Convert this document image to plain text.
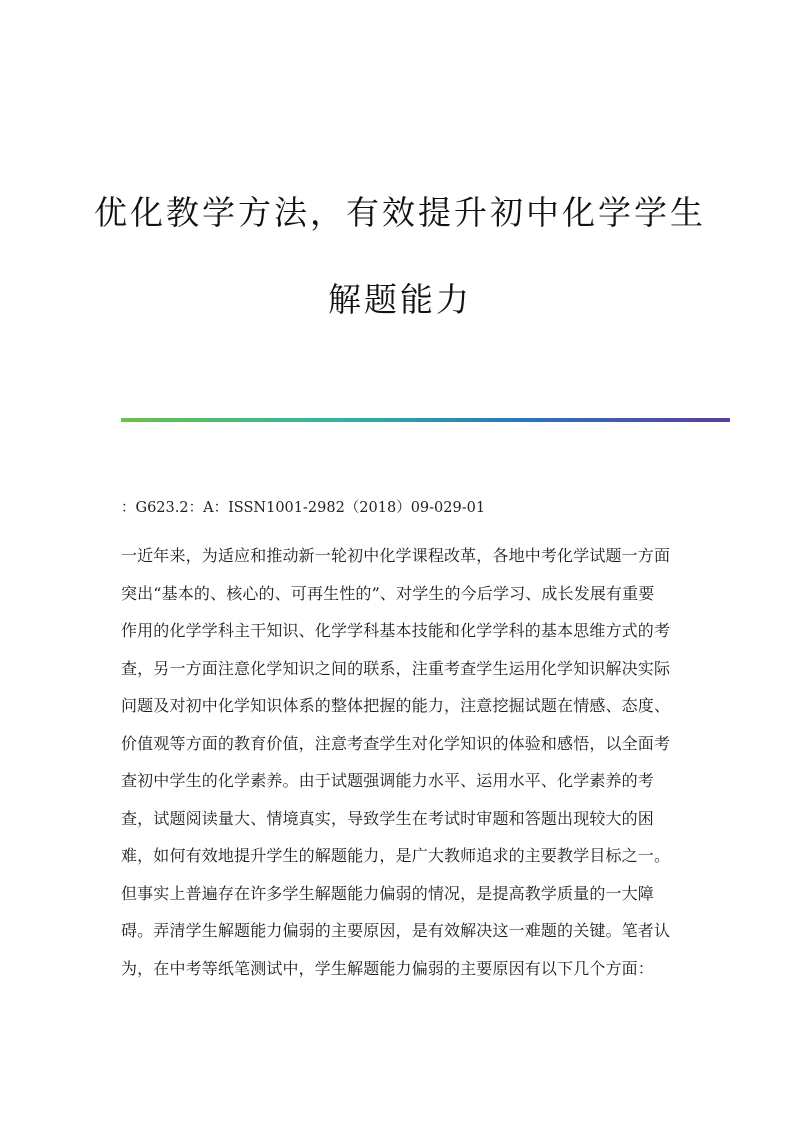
优化教学方法，有效提升初中化学学生
解题能力
：G623.2：A：ISSN1001-2982（2018）09-029-01
一近年来，为适应和推动新一轮初中化学课程改革，各地中考化学试题一方面
突出“基本的、核心的、可再生性的”、对学生的今后学习、成长发展有重要
作用的化学学科主干知识、化学学科基本技能和化学学科的基本思维方式的考
查，另一方面注意化学知识之间的联系，注重考查学生运用化学知识解决实际
问题及对初中化学知识体系的整体把握的能力，注意挖掘试题在情感、态度、
价值观等方面的教育价值，注意考查学生对化学知识的体验和感悟，以全面考
查初中学生的化学素养。由于试题强调能力水平、运用水平、化学素养的考
查，试题阅读量大、情境真实，导致学生在考试时审题和答题出现较大的困
难，如何有效地提升学生的解题能力，是广大教师追求的主要教学目标之一。
但事实上普遍存在许多学生解题能力偏弱的情况，是提高教学质量的一大障
碍。弄清学生解题能力偏弱的主要原因，是有效解决这一难题的关键。笔者认
为，在中考等纸笔测试中，学生解题能力偏弱的主要原因有以下几个方面：
